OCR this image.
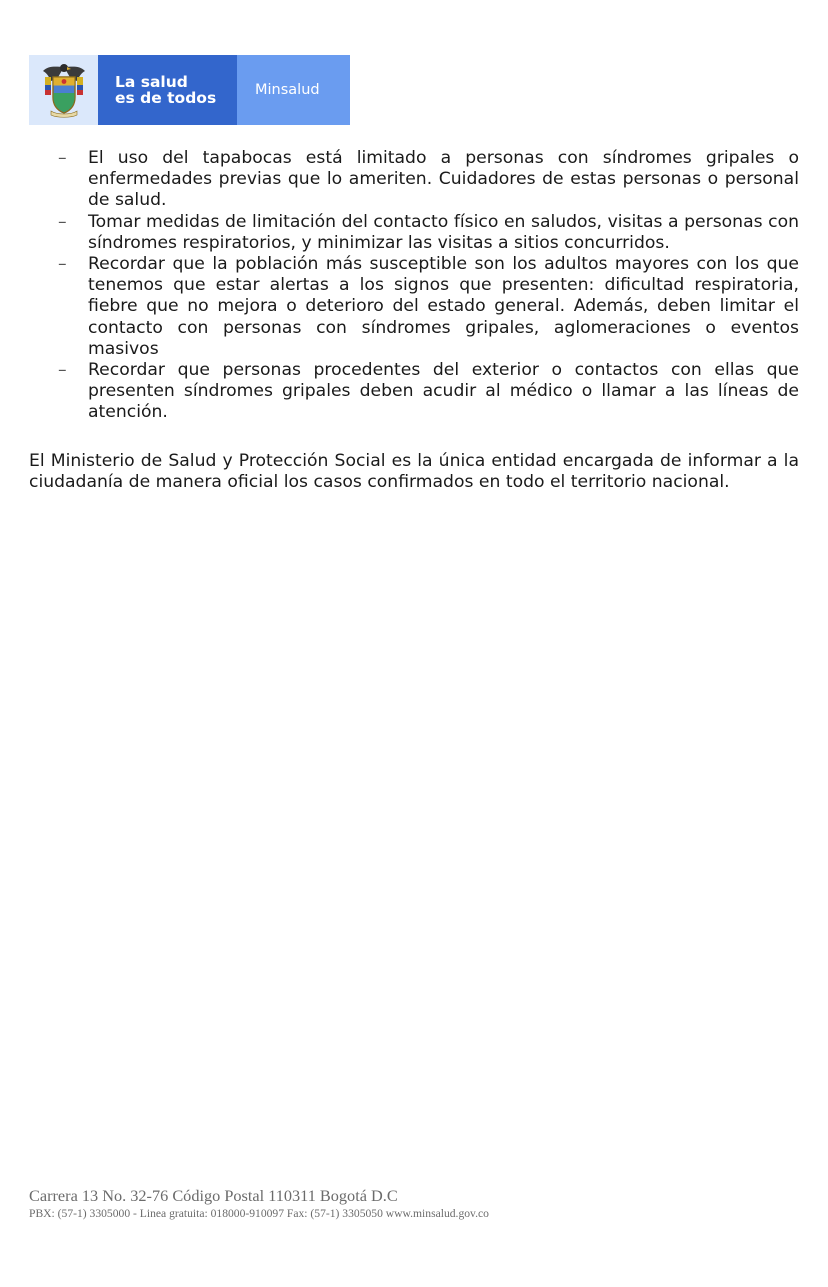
La salud
es de todos	Minsalud
– El uso del tapabocas está limitado a personas con síndromes gripales o enfermedades previas que lo ameriten. Cuidadores de estas personas o personal de salud.
– Tomar medidas de limitación del contacto físico en saludos, visitas a personas con síndromes respiratorios, y minimizar las visitas a sitios concurridos.
– Recordar que la población más susceptible son los adultos mayores con los que tenemos que estar alertas a los signos que presenten: dificultad respiratoria, fiebre que no mejora o deterioro del estado general. Además, deben limitar el contacto con personas con síndromes gripales, aglomeraciones o eventos masivos
– Recordar que personas procedentes del exterior o contactos con ellas que presenten síndromes gripales deben acudir al médico o llamar a las líneas de atención.

El Ministerio de Salud y Protección Social es la única entidad encargada de informar a la ciudadanía de manera oficial los casos confirmados en todo el territorio nacional.

Carrera 13 No. 32-76 Código Postal 110311 Bogotá D.C
PBX: (57-1) 3305000 - Linea gratuita: 018000-910097 Fax: (57-1) 3305050 www.minsalud.gov.co
